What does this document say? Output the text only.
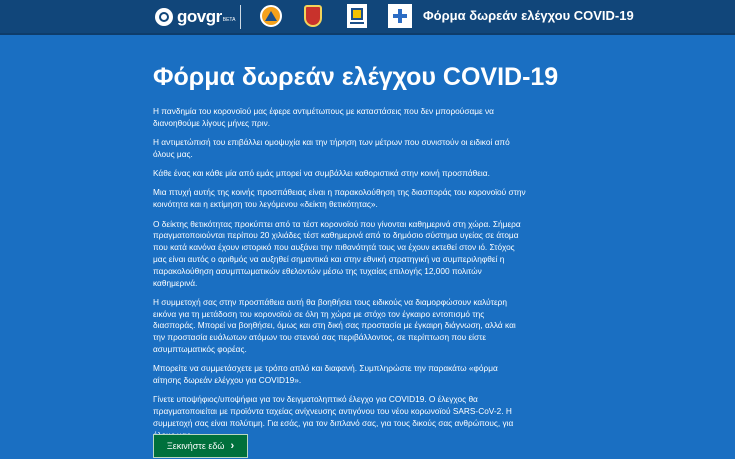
govgr BETA	Φόρμα δωρεάν ελέγχου COVID-19
Φόρμα δωρεάν ελέγχου COVID-19

Η πανδημία του κορονοϊού μας έφερε αντιμέτωπους με καταστάσεις που δεν μπορούσαμε να διανοηθούμε λίγους μήνες πριν.

Η αντιμετώπισή του επιβάλλει ομοψυχία και την τήρηση των μέτρων που συνιστούν οι ειδικοί από όλους μας.

Κάθε ένας και κάθε μία από εμάς μπορεί να συμβάλλει καθοριστικά στην κοινή προσπάθεια.

Μια πτυχή αυτής της κοινής προσπάθειας είναι η παρακολούθηση της διασποράς του κορονοϊού στην κοινότητα και η εκτίμηση του λεγόμενου «δείκτη θετικότητας».

Ο δείκτης θετικότητας προκύπτει από τα τέστ κορονοϊού που γίνονται καθημερινά στη χώρα. Σήμερα πραγματοποιούνται περίπου 20 χιλιάδες τέστ καθημερινά από το δημόσιο σύστημα υγείας σε άτομα που κατά κανόνα έχουν ιστορικό που αυξάνει την πιθανότητά τους να έχουν εκτεθεί στον ιό. Στόχος μας είναι αυτός ο αριθμός να αυξηθεί σημαντικά και στην εθνική στρατηγική να συμπεριληφθεί η παρακολούθηση ασυμπτωματικών εθελοντών μέσω της τυχαίας επιλογής 12,000 πολιτών καθημερινά.

Η συμμετοχή σας στην προσπάθεια αυτή θα βοηθήσει τους ειδικούς να διαμορφώσουν καλύτερη εικόνα για τη μετάδοση του κορονοϊού σε όλη τη χώρα με στόχο τον έγκαιρο εντοπισμό της διασποράς. Μπορεί να βοηθήσει, όμως και στη δική σας προστασία με έγκαιρη διάγνωση, αλλά και την προστασία ευάλωτων ατόμων του στενού σας περιβάλλοντος, σε περίπτωση που είστε ασυμπτωματικός φορέας.

Μπορείτε να συμμετάσχετε με τρόπο απλό και διαφανή. Συμπληρώστε την παρακάτω «φόρμα αίτησης δωρεάν ελέγχου για COVID19».

Γίνετε υποψήφιος/υποψήφια για τον δειγματοληπτικό έλεγχο για COVID19. Ο έλεγχος θα πραγματοποιείται με προϊόντα ταχείας ανίχνευσης αντιγόνου του νέου κορωνοϊού SARS-CoV-2. Η συμμετοχή σας είναι πολύτιμη. Για εσάς, για τον διπλανό σας, για τους δικούς σας ανθρώπους, για

Ξεκινήστε εδώ ›
